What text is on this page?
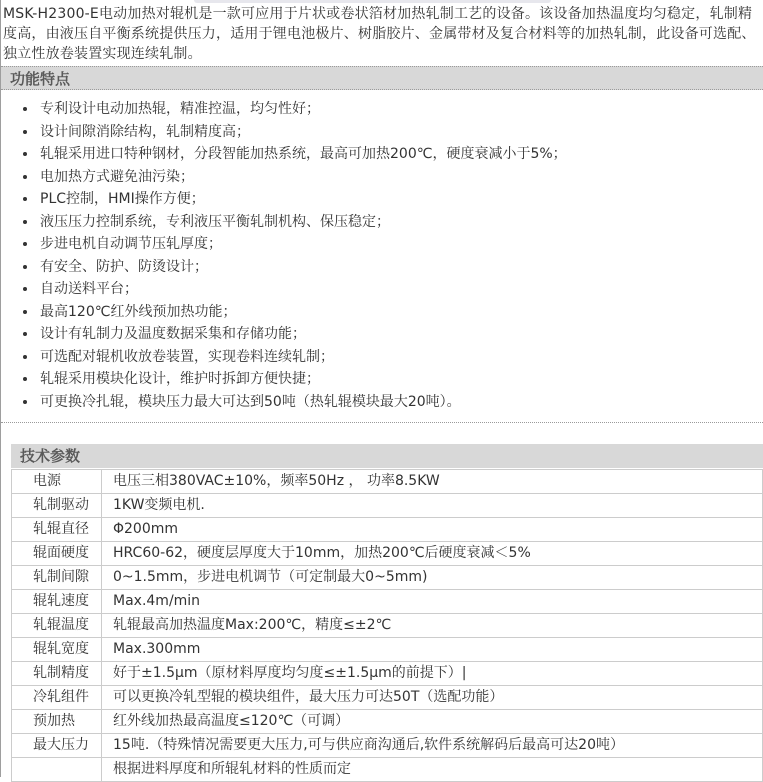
MSK-H2300-E电动加热对辊机是一款可应用于片状或卷状箔材加热轧制工艺的设备。该设备加热温度均匀稳定，轧制精度高，由液压自平衡系统提供压力，适用于锂电池极片、树脂胶片、金属带材及复合材料等的加热轧制，此设备可选配、独立性放卷装置实现连续轧制。

功能特点
• 专利设计电动加热辊，精准控温，均匀性好；
• 设计间隙消除结构，轧制精度高；
• 轧辊采用进口特种钢材，分段智能加热系统，最高可加热200℃，硬度衰减小于5%；
• 电加热方式避免油污染；
• PLC控制，HMI操作方便；
• 液压压力控制系统，专利液压平衡轧制机构、保压稳定；
• 步进电机自动调节压轧厚度；
• 有安全、防护、防烫设计；
• 自动送料平台；
• 最高120℃红外线预加热功能；
• 设计有轧制力及温度数据采集和存储功能；
• 可选配对辊机收放卷装置，实现卷料连续轧制；
• 轧辊采用模块化设计，维护时拆卸方便快捷；
• 可更换冷扎辊，模块压力最大可达到50吨（热轧辊模块最大20吨）。
技术参数
电源	电压三相380VAC±10%，频率50Hz ， 功率8.5KW
轧制驱动	1KW变频电机.
轧辊直径	Φ200mm
辊面硬度	HRC60-62，硬度层厚度大于10mm，加热200℃后硬度衰减＜5%
轧制间隙	0~1.5mm，步进电机调节（可定制最大0~5mm)
辊轧速度	Max.4m/min
轧辊温度	轧辊最高加热温度Max:200℃，精度≤±2℃
辊轧宽度	Max.300mm
轧制精度	好于±1.5μm（原材料厚度均匀度≤±1.5μm的前提下）|
冷轧组件	可以更换冷轧型辊的模块组件，最大压力可达50T（选配功能）
预加热	红外线加热最高温度≤120℃（可调）
最大压力	15吨.（特殊情况需要更大压力,可与供应商沟通后,软件系统解码后最高可达20吨）
	根据进料厚度和所辊轧材料的性质而定
